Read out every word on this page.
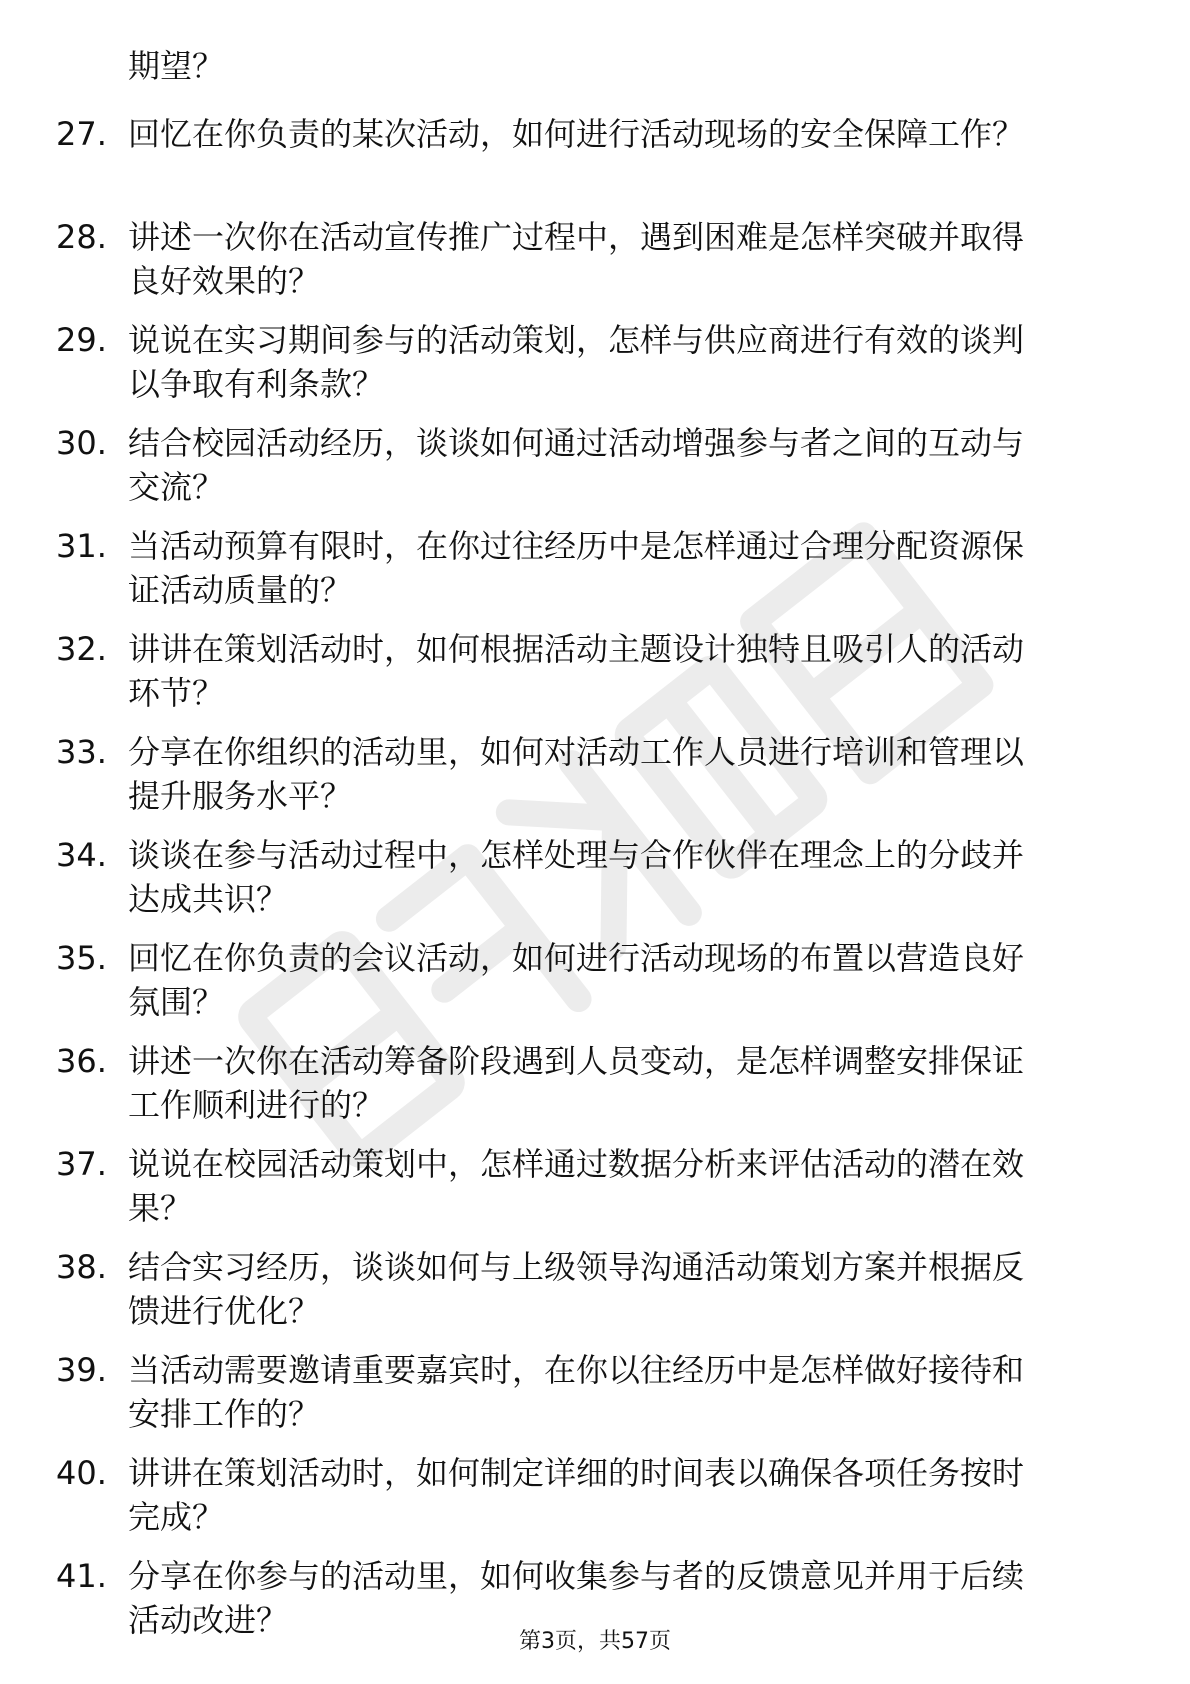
期望？
27. 回忆在你负责的某次活动，如何进行活动现场的安全保障工作？
28. 讲述一次你在活动宣传推广过程中，遇到困难是怎样突破并取得
良好效果的？
29. 说说在实习期间参与的活动策划，怎样与供应商进行有效的谈判
以争取有利条款？
30. 结合校园活动经历，谈谈如何通过活动增强参与者之间的互动与
交流？
31. 当活动预算有限时，在你过往经历中是怎样通过合理分配资源保
证活动质量的？
32. 讲讲在策划活动时，如何根据活动主题设计独特且吸引人的活动
环节？
33. 分享在你组织的活动里，如何对活动工作人员进行培训和管理以
提升服务水平？
34. 谈谈在参与活动过程中，怎样处理与合作伙伴在理念上的分歧并
达成共识？
35. 回忆在你负责的会议活动，如何进行活动现场的布置以营造良好
氛围？
36. 讲述一次你在活动筹备阶段遇到人员变动，是怎样调整安排保证
工作顺利进行的？
37. 说说在校园活动策划中，怎样通过数据分析来评估活动的潜在效
果？
38. 结合实习经历，谈谈如何与上级领导沟通活动策划方案并根据反
馈进行优化？
39. 当活动需要邀请重要嘉宾时，在你以往经历中是怎样做好接待和
安排工作的？
40. 讲讲在策划活动时，如何制定详细的时间表以确保各项任务按时
完成？
41. 分享在你参与的活动里，如何收集参与者的反馈意见并用于后续
活动改进？
第3页，共57页
